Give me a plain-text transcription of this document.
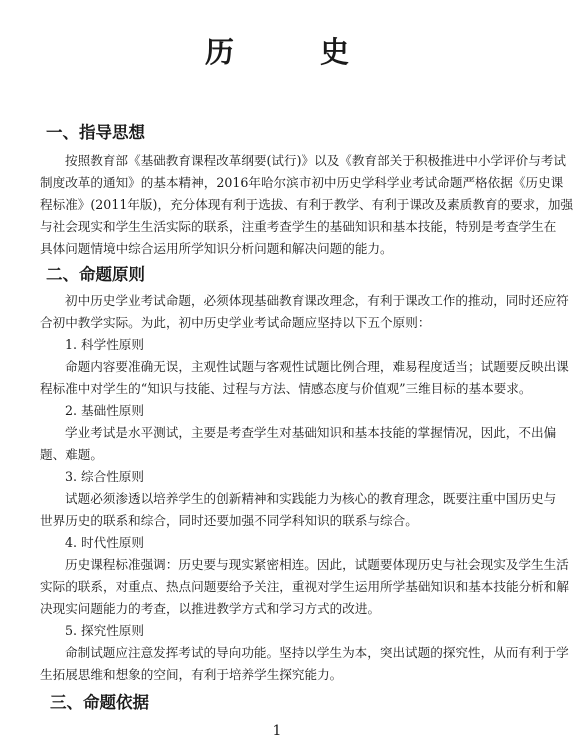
历 史
一、指导思想
按照教育部《基础教育课程改革纲要(试行)》以及《教育部关于积极推进中小学评价与考试
制度改革的通知》的基本精神，2016年哈尔滨市初中历史学科学业考试命题严格依据《历史课
程标准》(2011年版)，充分体现有利于选拔、有利于教学、有利于课改及素质教育的要求，加强
与社会现实和学生生活实际的联系，注重考查学生的基础知识和基本技能，特别是考查学生在
具体问题情境中综合运用所学知识分析问题和解决问题的能力。
二、命题原则
初中历史学业考试命题，必须体现基础教育课改理念，有利于课改工作的推动，同时还应符
合初中教学实际。为此，初中历史学业考试命题应坚持以下五个原则：
1. 科学性原则
命题内容要准确无误，主观性试题与客观性试题比例合理，难易程度适当；试题要反映出课
程标准中对学生的“知识与技能、过程与方法、情感态度与价值观”三维目标的基本要求。
2. 基础性原则
学业考试是水平测试，主要是考查学生对基础知识和基本技能的掌握情况，因此，不出偏
题、难题。
3. 综合性原则
试题必须渗透以培养学生的创新精神和实践能力为核心的教育理念，既要注重中国历史与
世界历史的联系和综合，同时还要加强不同学科知识的联系与综合。
4. 时代性原则
历史课程标准强调：历史要与现实紧密相连。因此，试题要体现历史与社会现实及学生生活
实际的联系，对重点、热点问题要给予关注，重视对学生运用所学基础知识和基本技能分析和解
决现实问题能力的考查，以推进教学方式和学习方式的改进。
5. 探究性原则
命制试题应注意发挥考试的导向功能。坚持以学生为本，突出试题的探究性，从而有利于学
生拓展思维和想象的空间，有利于培养学生探究能力。
三、命题依据
1
